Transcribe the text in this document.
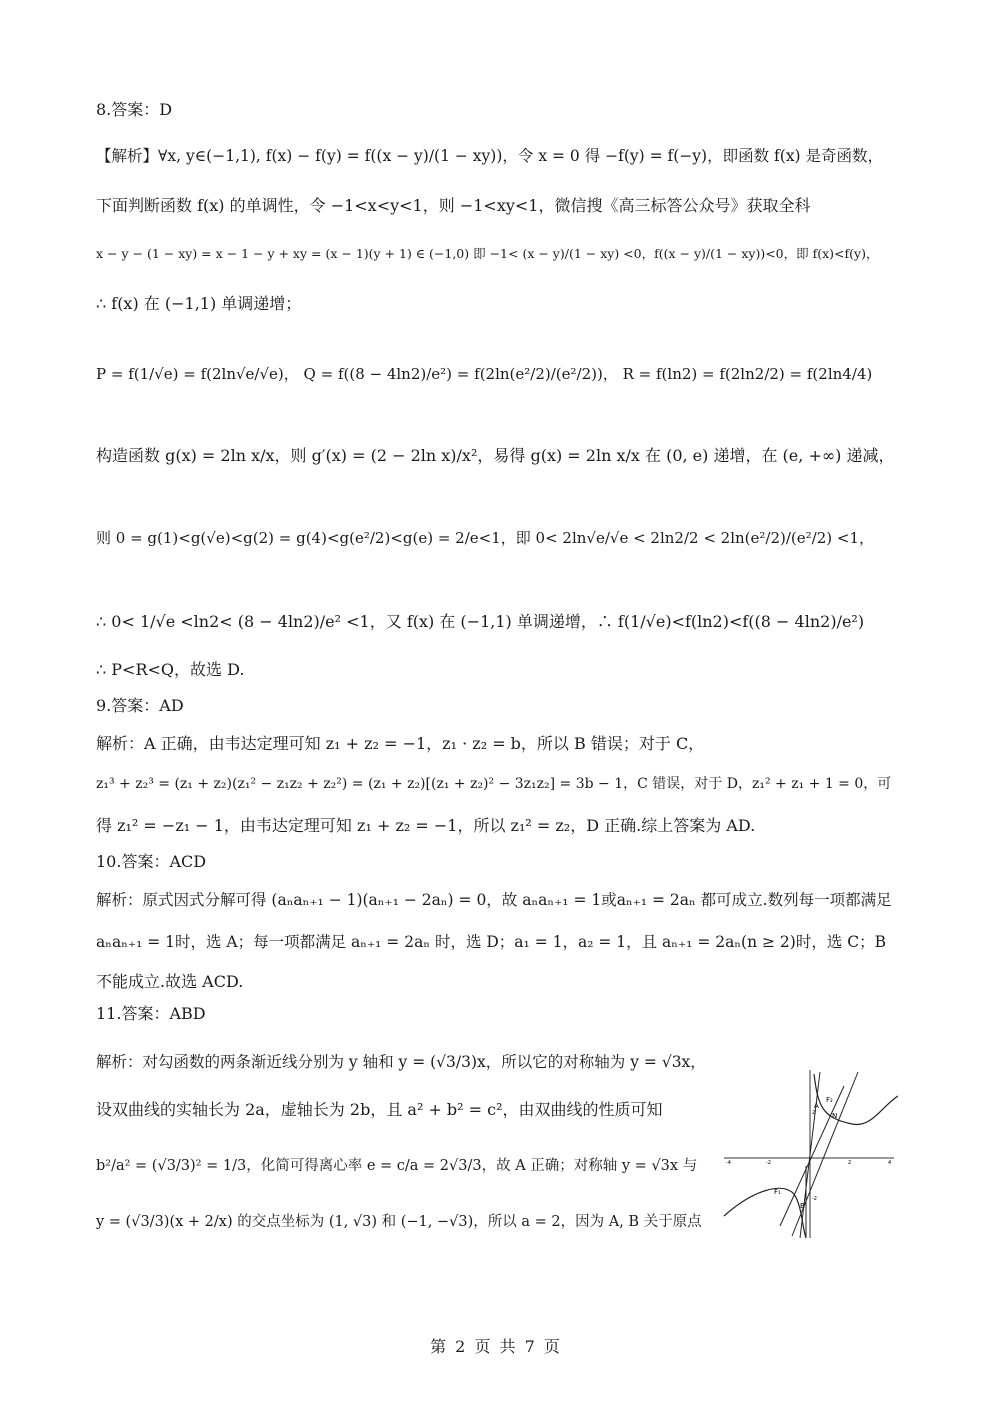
8.答案：D
【解析】∀x, y∈(−1,1), f(x) − f(y) = f((x − y)/(1 − xy))，令 x = 0 得 −f(y) = f(−y)，即函数 f(x) 是奇函数，
下面判断函数 f(x) 的单调性，令 −1<x<y<1，则 −1<xy<1，微信搜《高三标答公众号》获取全科
x − y − (1 − xy) = x − 1 − y + xy = (x − 1)(y + 1) ∈ (−1,0) 即 −1< (x − y)/(1 − xy) <0，f((x − y)/(1 − xy))<0，即 f(x)<f(y)，
∴ f(x) 在 (−1,1) 单调递增；
P = f(1/√e) = f(2ln√e/√e)， Q = f((8 − 4ln2)/e²) = f(2ln(e²/2)/(e²/2))， R = f(ln2) = f(2ln2/2) = f(2ln4/4)
构造函数 g(x) = 2ln x/x，则 g′(x) = (2 − 2ln x)/x²，易得 g(x) = 2ln x/x 在 (0, e) 递增，在 (e, +∞) 递减，
则 0 = g(1)<g(√e)<g(2) = g(4)<g(e²/2)<g(e) = 2/e<1，即 0< 2ln√e/√e < 2ln2/2 < 2ln(e²/2)/(e²/2) <1，
∴ 0< 1/√e <ln2< (8 − 4ln2)/e² <1，又 f(x) 在 (−1,1) 单调递增，∴ f(1/√e)<f(ln2)<f((8 − 4ln2)/e²)
∴ P<R<Q，故选 D.
9.答案：AD
解析：A 正确，由韦达定理可知 z₁ + z₂ = −1，z₁ · z₂ = b，所以 B 错误；对于 C，
z₁³ + z₂³ = (z₁ + z₂)(z₁² − z₁z₂ + z₂²) = (z₁ + z₂)[(z₁ + z₂)² − 3z₁z₂] = 3b − 1，C 错误，对于 D，z₁² + z₁ + 1 = 0，可
得 z₁² = −z₁ − 1，由韦达定理可知 z₁ + z₂ = −1，所以 z₁² = z₂，D 正确.综上答案为 AD.
10.答案：ACD
解析：原式因式分解可得 (aₙaₙ₊₁ − 1)(aₙ₊₁ − 2aₙ) = 0，故 aₙaₙ₊₁ = 1或aₙ₊₁ = 2aₙ 都可成立.数列每一项都满足
aₙaₙ₊₁ = 1时，选 A；每一项都满足 aₙ₊₁ = 2aₙ 时，选 D；a₁ = 1，a₂ = 1，且 aₙ₊₁ = 2aₙ(n ≥ 2)时，选 C；B
不能成立.故选 ACD.
11.答案：ABD
解析：对勾函数的两条渐近线分别为 y 轴和 y = (√3/3)x，所以它的对称轴为 y = √3x，
设双曲线的实轴长为 2a，虚轴长为 2b，且 a² + b² = c²，由双曲线的性质可知
b²/a² = (√3/3)² = 1/3，化简可得离心率 e = c/a = 2√3/3，故 A 正确；对称轴 y = √3x 与
y = (√3/3)(x + 2/x) 的交点坐标为 (1, √3) 和 (−1, −√3)，所以 a = 2，因为 A, B 关于原点
A
F₂
N
F₁
B
-4	-2	2	4
2
-2
第 2 页 共 7 页
